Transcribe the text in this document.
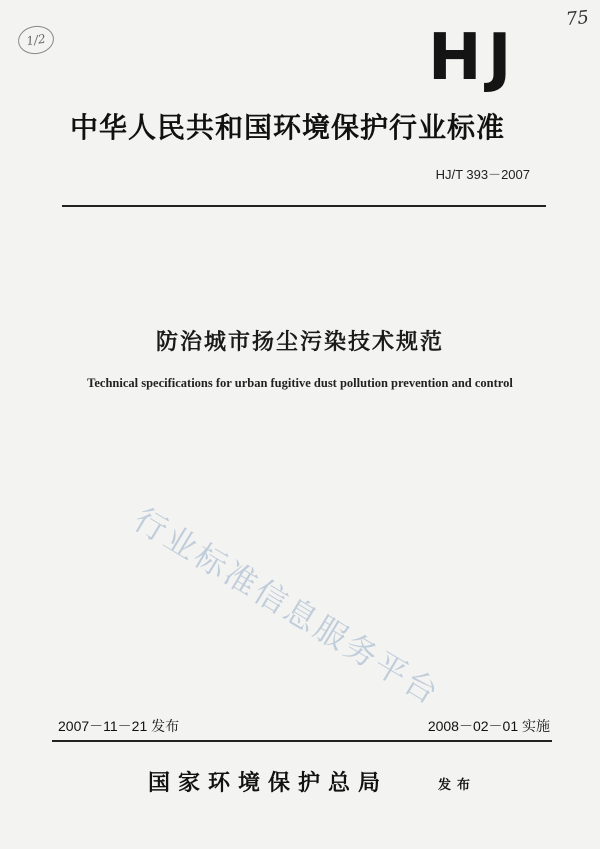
1/2
75
HJ
中华人民共和国环境保护行业标准
HJ/T 393－2007
防治城市扬尘污染技术规范
Technical specifications for urban fugitive dust pollution prevention and control
行业标准信息服务平台
2007－11－21 发布	2008－02－01 实施
国家环境保护总局	发布
